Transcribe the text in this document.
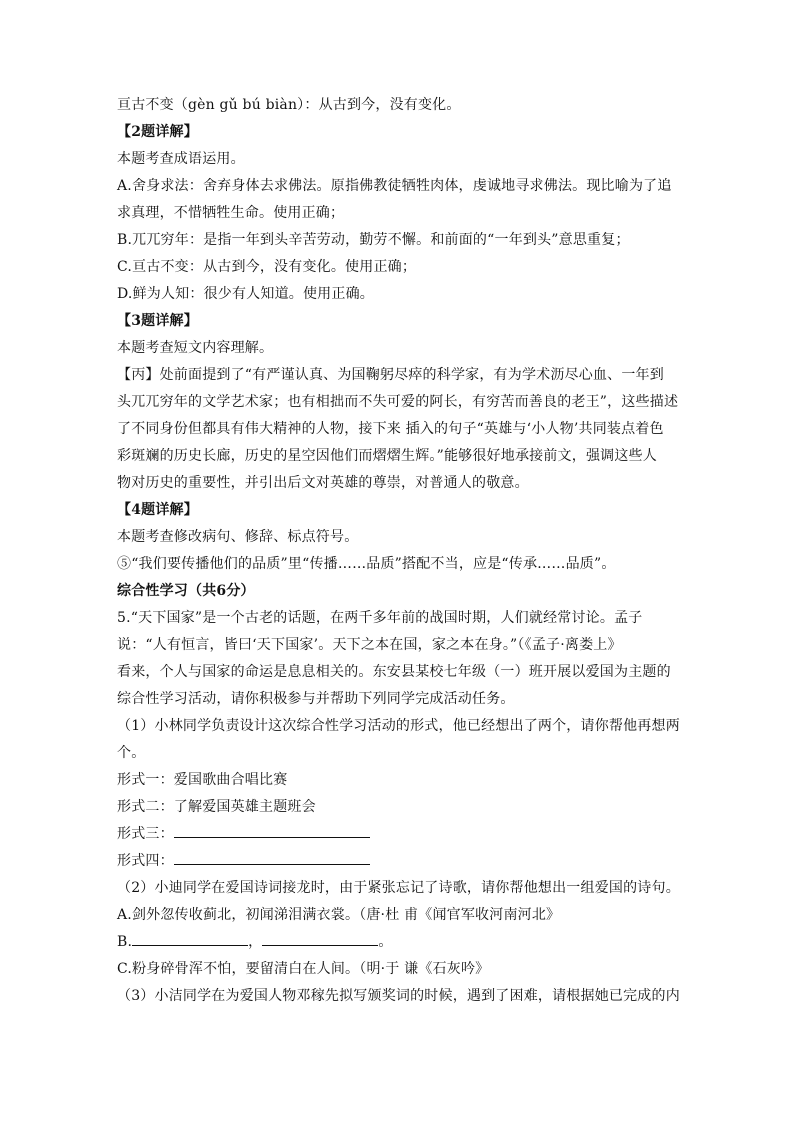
亘古不变（gèn gǔ bú biàn）：从古到今，没有变化。
【2题详解】
本题考查成语运用。
A.舍身求法：舍弃身体去求佛法。原指佛教徒牺牲肉体，虔诚地寻求佛法。现比喻为了追
求真理，不惜牺牲生命。使用正确；
B.兀兀穷年：是指一年到头辛苦劳动，勤劳不懈。和前面的“一年到头”意思重复；
C.亘古不变：从古到今，没有变化。使用正确；
D.鲜为人知：很少有人知道。使用正确。
【3题详解】
本题考查短文内容理解。
【丙】处前面提到了“有严谨认真、为国鞠躬尽瘁的科学家，有为学术沥尽心血、一年到
头兀兀穷年的文学艺术家；也有相拙而不失可爱的阿长，有穷苦而善良的老王”，这些描述
了不同身份但都具有伟大精神的人物，接下来 插入的句子“英雄与‘小人物’共同装点着色
彩斑斓的历史长廊，历史的星空因他们而熠熠生辉。”能够很好地承接前文，强调这些人
物对历史的重要性，并引出后文对英雄的尊崇，对普通人的敬意。
【4题详解】
本题考查修改病句、修辞、标点符号。
⑤“我们要传播他们的品质”里“传播……品质”搭配不当，应是“传承……品质”。
综合性学习（共6分）
5.“天下国家”是一个古老的话题，在两千多年前的战国时期，人们就经常讨论。孟子
说：“人有恒言，皆曰‘天下国家’。天下之本在国，家之本在身。”（《孟子·离娄上》
看来，个人与国家的命运是息息相关的。东安县某校七年级（一）班开展以爱国为主题的
综合性学习活动，请你积极参与并帮助下列同学完成活动任务。
（1）小林同学负责设计这次综合性学习活动的形式，他已经想出了两个，请你帮他再想两
个。
形式一：爱国歌曲合唱比赛
形式二：了解爱国英雄主题班会
形式三：
形式四：
（2）小迪同学在爱国诗词接龙时，由于紧张忘记了诗歌，请你帮他想出一组爱国的诗句。
A.剑外忽传收蓟北，初闻涕泪满衣裳。（唐·杜 甫《闻官军收河南河北》
B.	，	。
C.粉身碎骨浑不怕，要留清白在人间。（明·于 谦《石灰吟》
（3）小洁同学在为爱国人物邓稼先拟写颁奖词的时候，遇到了困难，请根据她已完成的内
